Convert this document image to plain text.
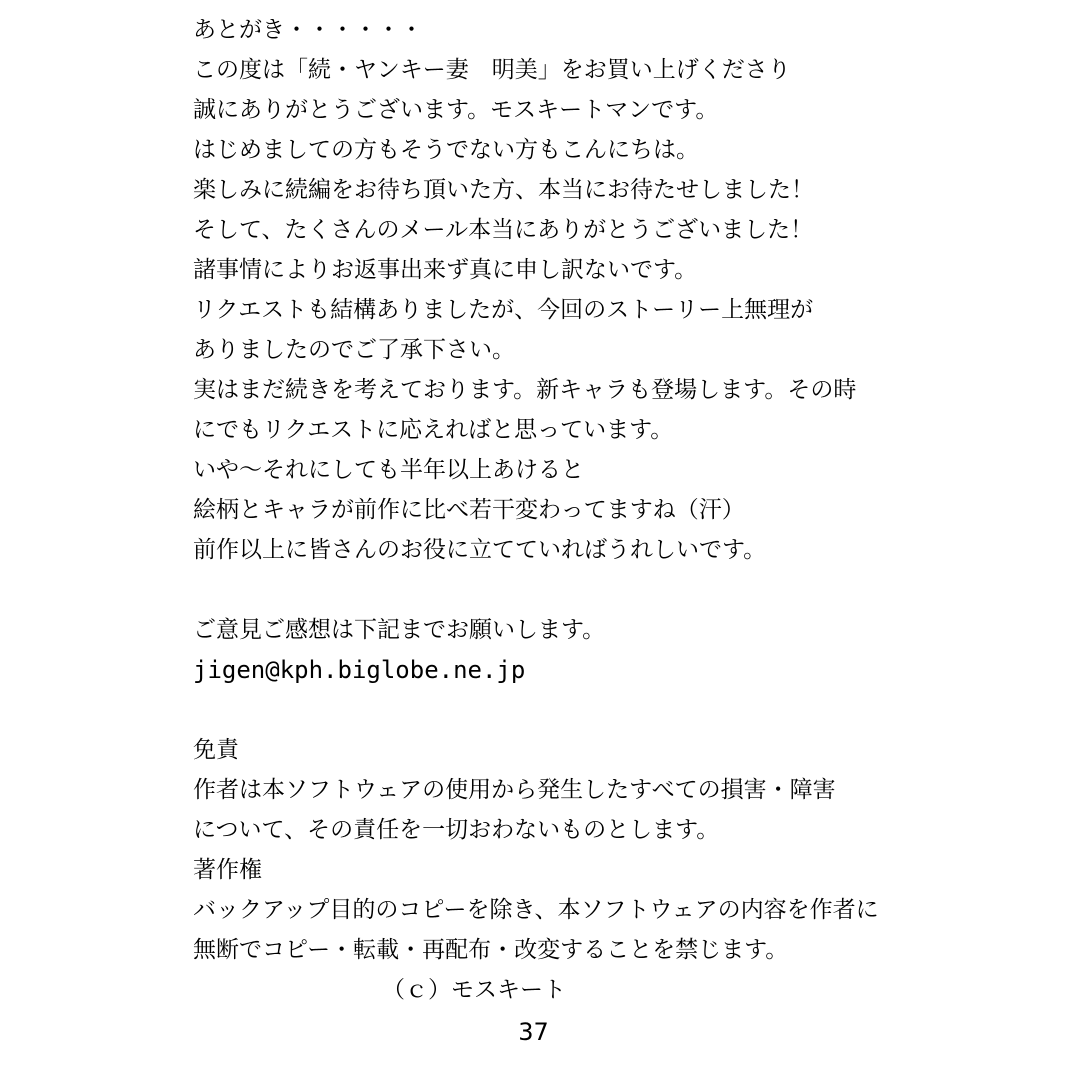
あとがき・・・・・・
この度は「続・ヤンキー妻　明美」をお買い上げくださり
誠にありがとうございます。モスキートマンです。
はじめましての方もそうでない方もこんにちは。
楽しみに続編をお待ち頂いた方、本当にお待たせしました！
そして、たくさんのメール本当にありがとうございました！
諸事情によりお返事出来ず真に申し訳ないです。
リクエストも結構ありましたが、今回のストーリー上無理が
ありましたのでご了承下さい。
実はまだ続きを考えております。新キャラも登場します。その時
にでもリクエストに応えればと思っています。
いや～それにしても半年以上あけると
絵柄とキャラが前作に比べ若干変わってますね（汗）
前作以上に皆さんのお役に立てていればうれしいです。
ご意見ご感想は下記までお願いします。
jigen@kph.biglobe.ne.jp
免責
作者は本ソフトウェアの使用から発生したすべての損害・障害
について、その責任を一切おわないものとします。
著作権
バックアップ目的のコピーを除き、本ソフトウェアの内容を作者に
無断でコピー・転載・再配布・改変することを禁じます。
（ｃ）モスキート
37
